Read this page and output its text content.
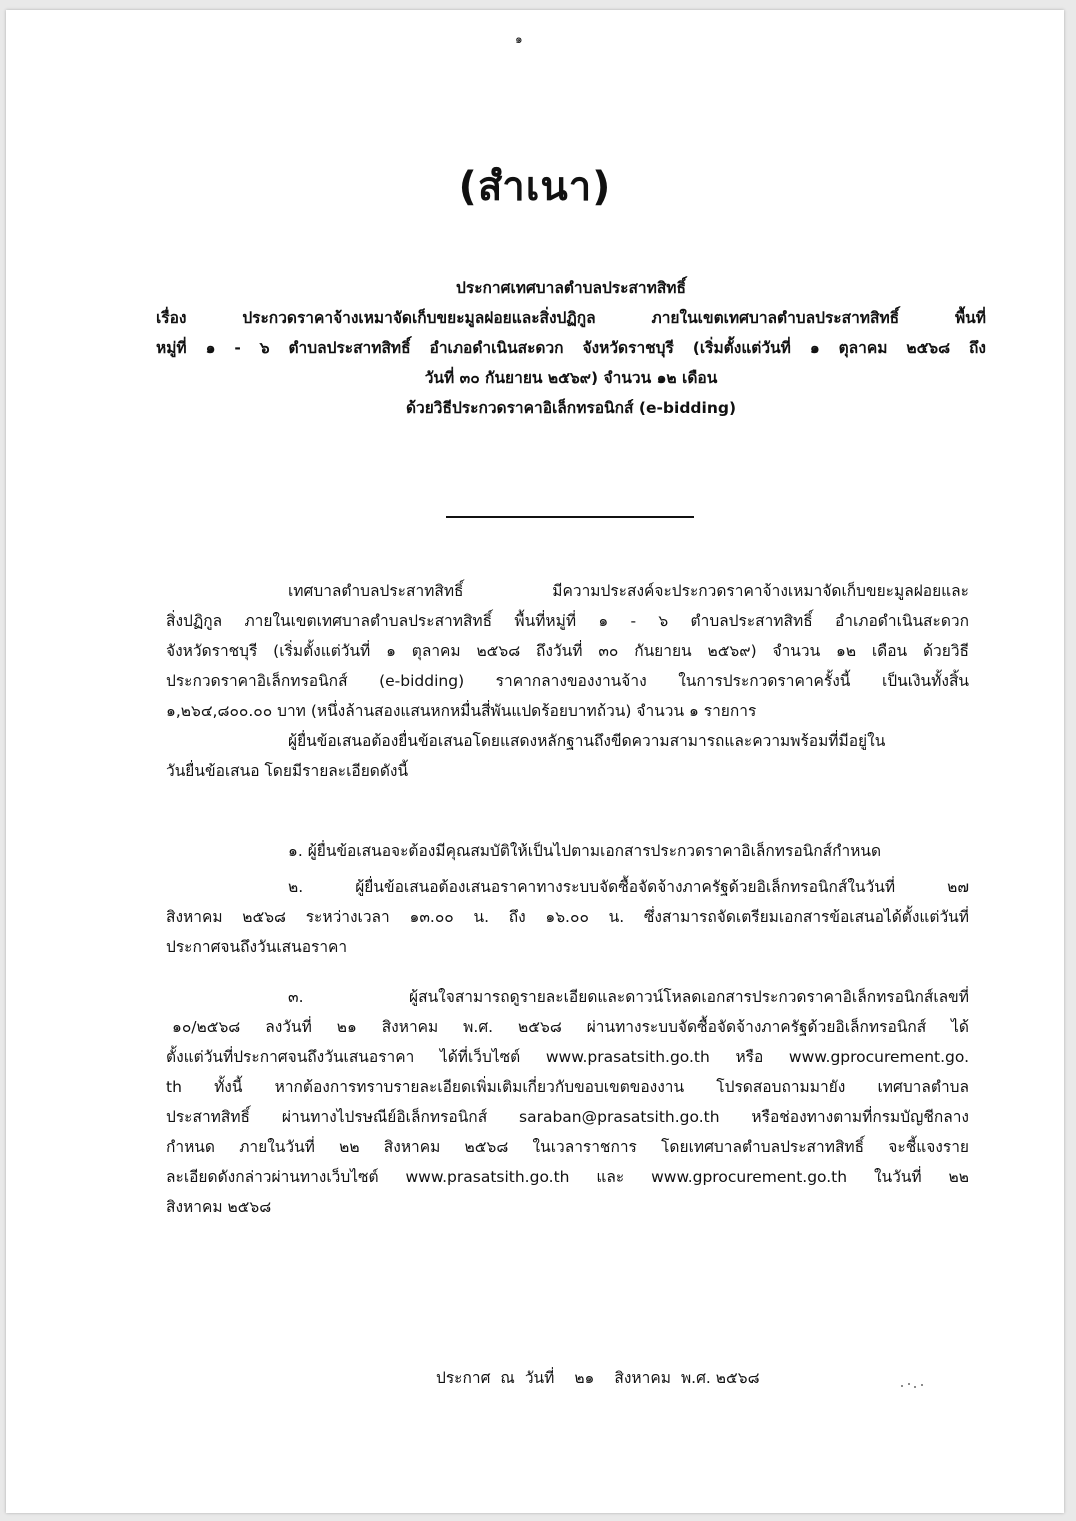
๑
(สำเนา)
ประกาศเทศบาลตำบลประสาทสิทธิ์
เรื่อง ประกวดราคาจ้างเหมาจัดเก็บขยะมูลฝอยและสิ่งปฏิกูล ภายในเขตเทศบาลตำบลประสาทสิทธิ์ พื้นที่
หมู่ที่ ๑ - ๖ ตำบลประสาทสิทธิ์ อำเภอดำเนินสะดวก จังหวัดราชบุรี (เริ่มตั้งแต่วันที่ ๑ ตุลาคม ๒๕๖๘ ถึง
วันที่ ๓๐ กันยายน ๒๕๖๙) จำนวน ๑๒ เดือน
ด้วยวิธีประกวดราคาอิเล็กทรอนิกส์ (e-bidding)
เทศบาลตำบลประสาทสิทธิ์ มีความประสงค์จะประกวดราคาจ้างเหมาจัดเก็บขยะมูลฝอยและ
สิ่งปฏิกูล ภายในเขตเทศบาลตำบลประสาทสิทธิ์ พื้นที่หมู่ที่ ๑ - ๖ ตำบลประสาทสิทธิ์ อำเภอดำเนินสะดวก
จังหวัดราชบุรี (เริ่มตั้งแต่วันที่ ๑ ตุลาคม ๒๕๖๘ ถึงวันที่ ๓๐ กันยายน ๒๕๖๙) จำนวน ๑๒ เดือน ด้วยวิธี
ประกวดราคาอิเล็กทรอนิกส์ (e-bidding) ราคากลางของงานจ้าง ในการประกวดราคาครั้งนี้ เป็นเงินทั้งสิ้น
๑,๒๖๔,๘๐๐.๐๐ บาท (หนึ่งล้านสองแสนหกหมื่นสี่พันแปดร้อยบาทถ้วน) จำนวน ๑ รายการ
ผู้ยื่นข้อเสนอต้องยื่นข้อเสนอโดยแสดงหลักฐานถึงขีดความสามารถและความพร้อมที่มีอยู่ใน
วันยื่นข้อเสนอ โดยมีรายละเอียดดังนี้
๑. ผู้ยื่นข้อเสนอจะต้องมีคุณสมบัติให้เป็นไปตามเอกสารประกวดราคาอิเล็กทรอนิกส์กำหนด
๒. ผู้ยื่นข้อเสนอต้องเสนอราคาทางระบบจัดซื้อจัดจ้างภาครัฐด้วยอิเล็กทรอนิกส์ในวันที่ ๒๗
สิงหาคม ๒๕๖๘ ระหว่างเวลา ๑๓.๐๐ น. ถึง ๑๖.๐๐ น. ซึ่งสามารถจัดเตรียมเอกสารข้อเสนอได้ตั้งแต่วันที่
ประกาศจนถึงวันเสนอราคา
๓. ผู้สนใจสามารถดูรายละเอียดและดาวน์โหลดเอกสารประกวดราคาอิเล็กทรอนิกส์เลขที่
๑๐/๒๕๖๘ ลงวันที่ ๒๑ สิงหาคม พ.ศ. ๒๕๖๘ ผ่านทางระบบจัดซื้อจัดจ้างภาครัฐด้วยอิเล็กทรอนิกส์ ได้
ตั้งแต่วันที่ประกาศจนถึงวันเสนอราคา ได้ที่เว็บไซต์ www.prasatsith.go.th หรือ www.gprocurement.go.
th ทั้งนี้ หากต้องการทราบรายละเอียดเพิ่มเติมเกี่ยวกับขอบเขตของงาน โปรดสอบถามมายัง เทศบาลตำบล
ประสาทสิทธิ์ ผ่านทางไปรษณีย์อิเล็กทรอนิกส์ saraban@prasatsith.go.th หรือช่องทางตามที่กรมบัญชีกลาง
กำหนด ภายในวันที่ ๒๒ สิงหาคม ๒๕๖๘ ในเวลาราชการ โดยเทศบาลตำบลประสาทสิทธิ์ จะชี้แจงราย
ละเอียดดังกล่าวผ่านทางเว็บไซต์ www.prasatsith.go.th และ www.gprocurement.go.th ในวันที่ ๒๒
สิงหาคม ๒๕๖๘
ประกาศ ณ วันที่ ๒๑ สิงหาคม พ.ศ. ๒๕๖๘
